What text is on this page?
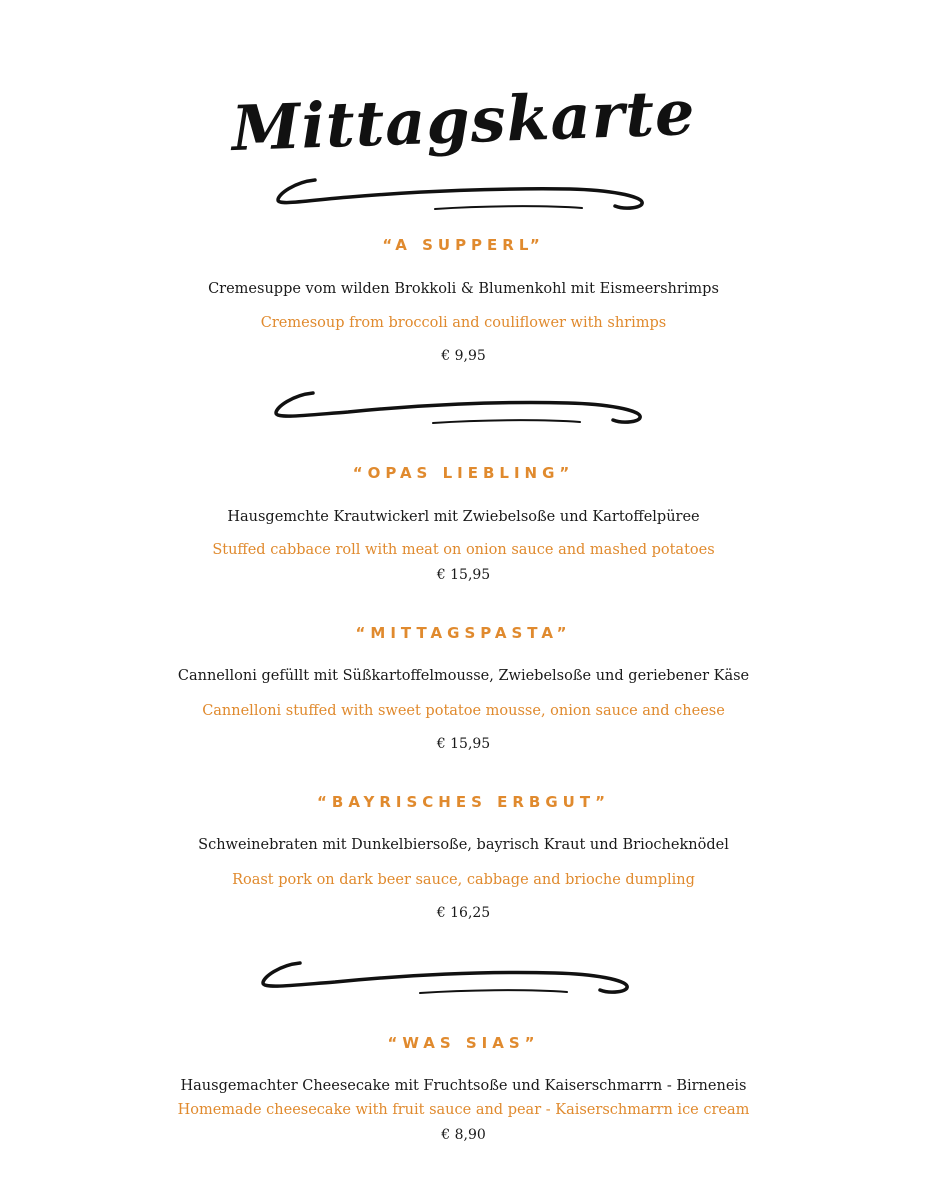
Mittagskarte
“A SUPPERL”
Cremesuppe vom wilden Brokkoli & Blumenkohl mit Eismeershrimps
Cremesoup from broccoli and couliflower with shrimps
€ 9,95
“OPAS LIEBLING”
Hausgemchte Krautwickerl mit Zwiebelsoße und Kartoffelpüree
Stuffed cabbace roll with meat on onion sauce and mashed potatoes
€ 15,95
“MITTAGSPASTA”
Cannelloni gefüllt mit Süßkartoffelmousse, Zwiebelsoße und geriebener Käse
Cannelloni stuffed with sweet potatoe mousse, onion sauce and cheese
€ 15,95
“BAYRISCHES ERBGUT”
Schweinebraten mit Dunkelbiersoße, bayrisch Kraut und Briocheknödel
Roast pork on dark beer sauce, cabbage and brioche dumpling
€ 16,25
“WAS SIAS”
Hausgemachter Cheesecake mit Fruchtsoße und Kaiserschmarrn - Birneneis
Homemade cheesecake with fruit sauce and pear - Kaiserschmarrn ice cream
€ 8,90
